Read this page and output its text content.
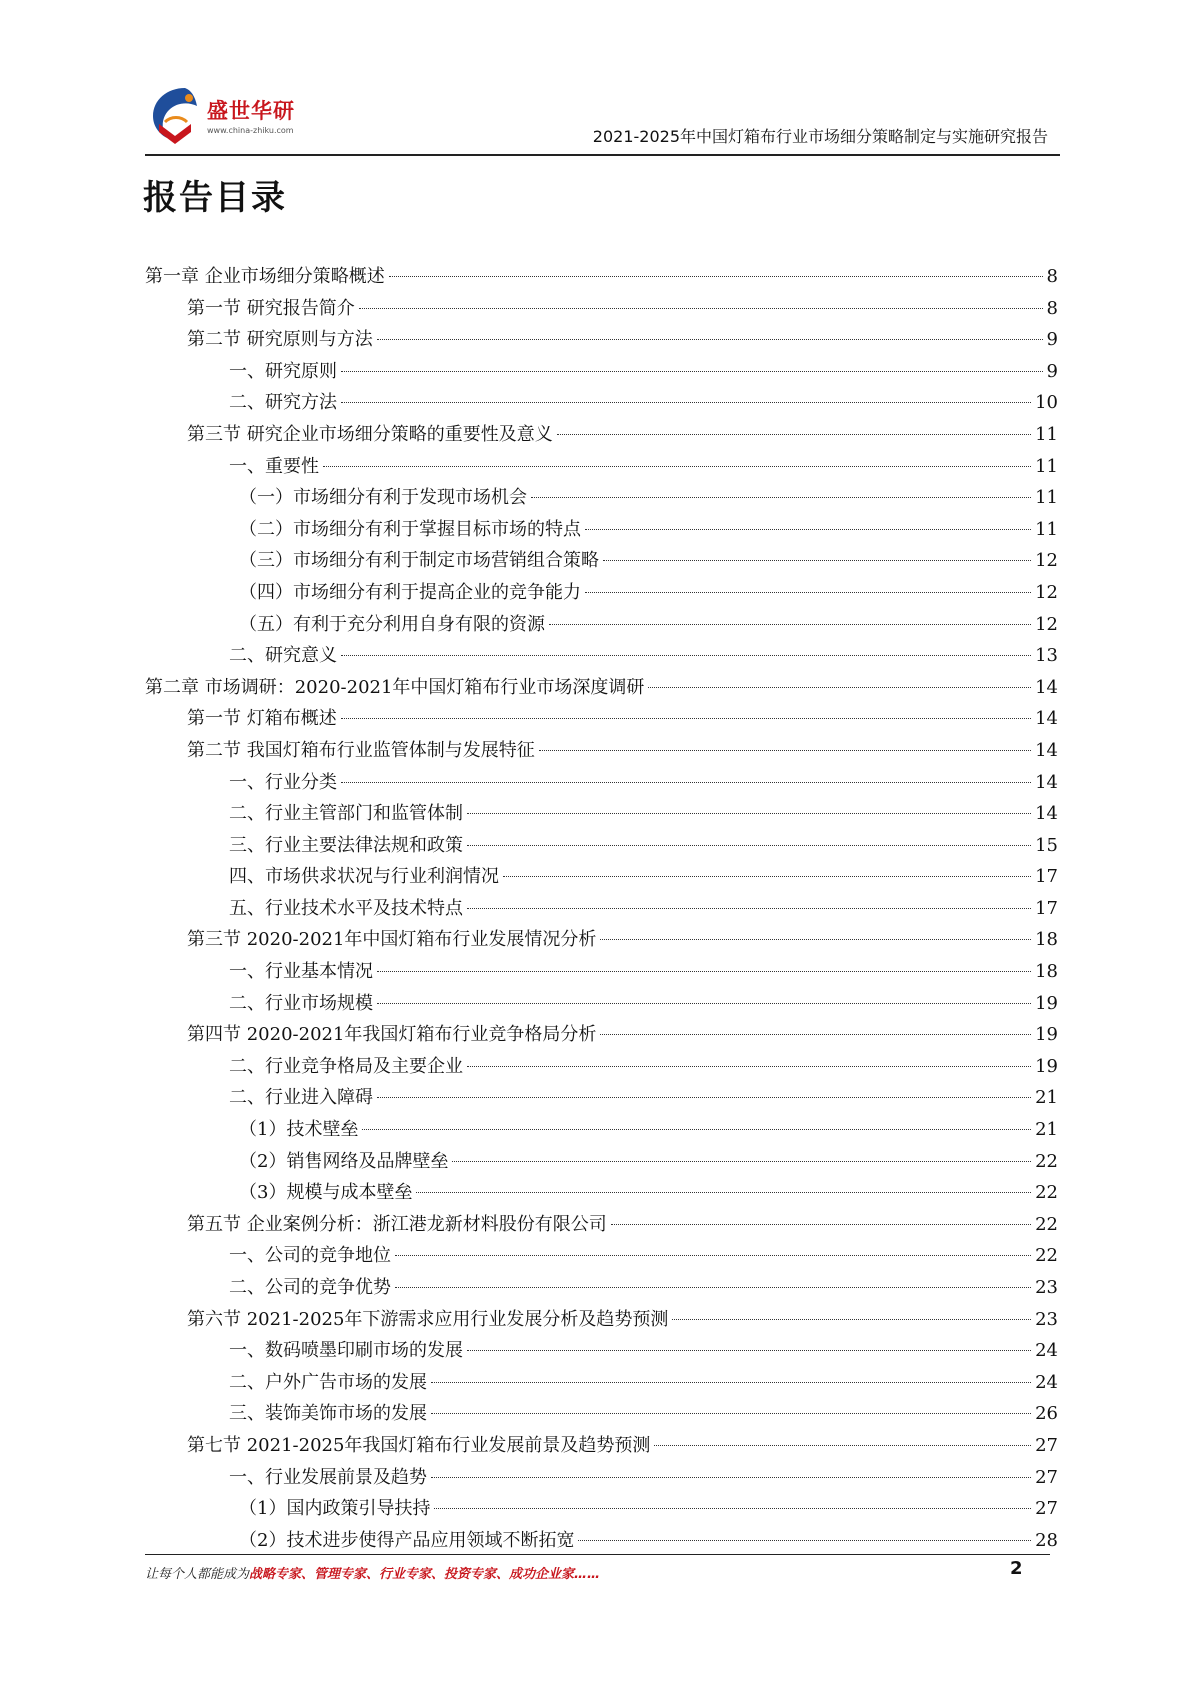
盛世华研
www.china-zhiku.com	2021-2025年中国灯箱布行业市场细分策略制定与实施研究报告
报告目录
第一章 企业市场细分策略概述	8
第一节 研究报告简介	8
第二节 研究原则与方法	9
一、研究原则	9
二、研究方法	10
第三节 研究企业市场细分策略的重要性及意义	11
一、重要性	11
（一）市场细分有利于发现市场机会	11
（二）市场细分有利于掌握目标市场的特点	11
（三）市场细分有利于制定市场营销组合策略	12
（四）市场细分有利于提高企业的竞争能力	12
（五）有利于充分利用自身有限的资源	12
二、研究意义	13
第二章 市场调研：2020-2021年中国灯箱布行业市场深度调研	14
第一节 灯箱布概述	14
第二节 我国灯箱布行业监管体制与发展特征	14
一、行业分类	14
二、行业主管部门和监管体制	14
三、行业主要法律法规和政策	15
四、市场供求状况与行业利润情况	17
五、行业技术水平及技术特点	17
第三节 2020-2021年中国灯箱布行业发展情况分析	18
一、行业基本情况	18
二、行业市场规模	19
第四节 2020-2021年我国灯箱布行业竞争格局分析	19
二、行业竞争格局及主要企业	19
二、行业进入障碍	21
（1）技术壁垒	21
（2）销售网络及品牌壁垒	22
（3）规模与成本壁垒	22
第五节 企业案例分析：浙江港龙新材料股份有限公司	22
一、公司的竞争地位	22
二、公司的竞争优势	23
第六节 2021-2025年下游需求应用行业发展分析及趋势预测	23
一、数码喷墨印刷市场的发展	24
二、户外广告市场的发展	24
三、装饰美饰市场的发展	26
第七节 2021-2025年我国灯箱布行业发展前景及趋势预测	27
一、行业发展前景及趋势	27
（1）国内政策引导扶持	27
（2）技术进步使得产品应用领域不断拓宽	28
让每个人都能成为战略专家、管理专家、行业专家、投资专家、成功企业家……	2
